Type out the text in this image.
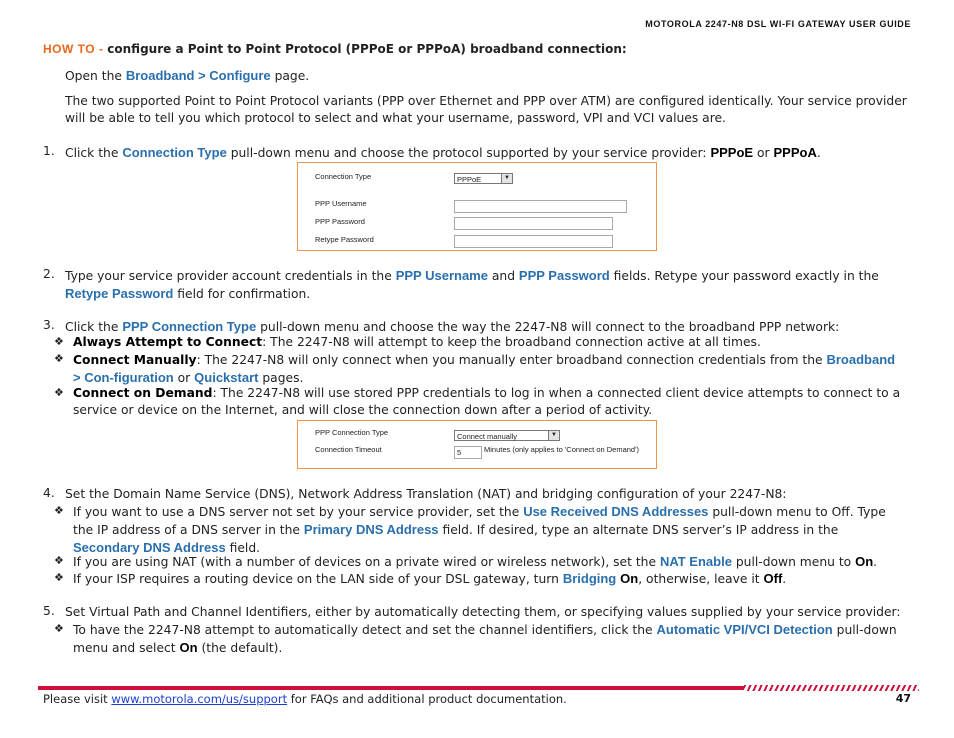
MOTOROLA 2247-N8 DSL WI-FI GATEWAY USER GUIDE
HOW TO - configure a Point to Point Protocol (PPPoE or PPPoA) broadband connection:
Open the Broadband > Configure page.
The two supported Point to Point Protocol variants (PPP over Ethernet and PPP over ATM) are configured identically. Your service provider will be able to tell you which protocol to select and what your username, password, VPI and VCI values are.
1. Click the Connection Type pull-down menu and choose the protocol supported by your service provider: PPPoE or PPPoA.
Connection Type	PPPoE	▼
PPP Username
PPP Password
Retype Password
2. Type your service provider account credentials in the PPP Username and PPP Password fields. Retype your password exactly in the Retype Password field for confirmation.
3. Click the PPP Connection Type pull-down menu and choose the way the 2247-N8 will connect to the broadband PPP network:
❖ Always Attempt to Connect: The 2247-N8 will attempt to keep the broadband connection active at all times.
❖ Connect Manually: The 2247-N8 will only connect when you manually enter broadband connection credentials from the Broadband > Con-figuration or Quickstart pages.
❖ Connect on Demand: The 2247-N8 will use stored PPP credentials to log in when a connected client device attempts to connect to a service or device on the Internet, and will close the connection down after a period of activity.
PPP Connection Type	Connect manually	▼
Connection Timeout	5	Minutes (only applies to 'Connect on Demand')
4. Set the Domain Name Service (DNS), Network Address Translation (NAT) and bridging configuration of your 2247-N8:
❖ If you want to use a DNS server not set by your service provider, set the Use Received DNS Addresses pull-down menu to Off. Type the IP address of a DNS server in the Primary DNS Address field. If desired, type an alternate DNS server’s IP address in the Secondary DNS Address field.
❖ If you are using NAT (with a number of devices on a private wired or wireless network), set the NAT Enable pull-down menu to On.
❖ If your ISP requires a routing device on the LAN side of your DSL gateway, turn Bridging On, otherwise, leave it Off.
5. Set Virtual Path and Channel Identifiers, either by automatically detecting them, or specifying values supplied by your service provider:
❖ To have the 2247-N8 attempt to automatically detect and set the channel identifiers, click the Automatic VPI/VCI Detection pull-down menu and select On (the default).
Please visit www.motorola.com/us/support for FAQs and additional product documentation.	47
